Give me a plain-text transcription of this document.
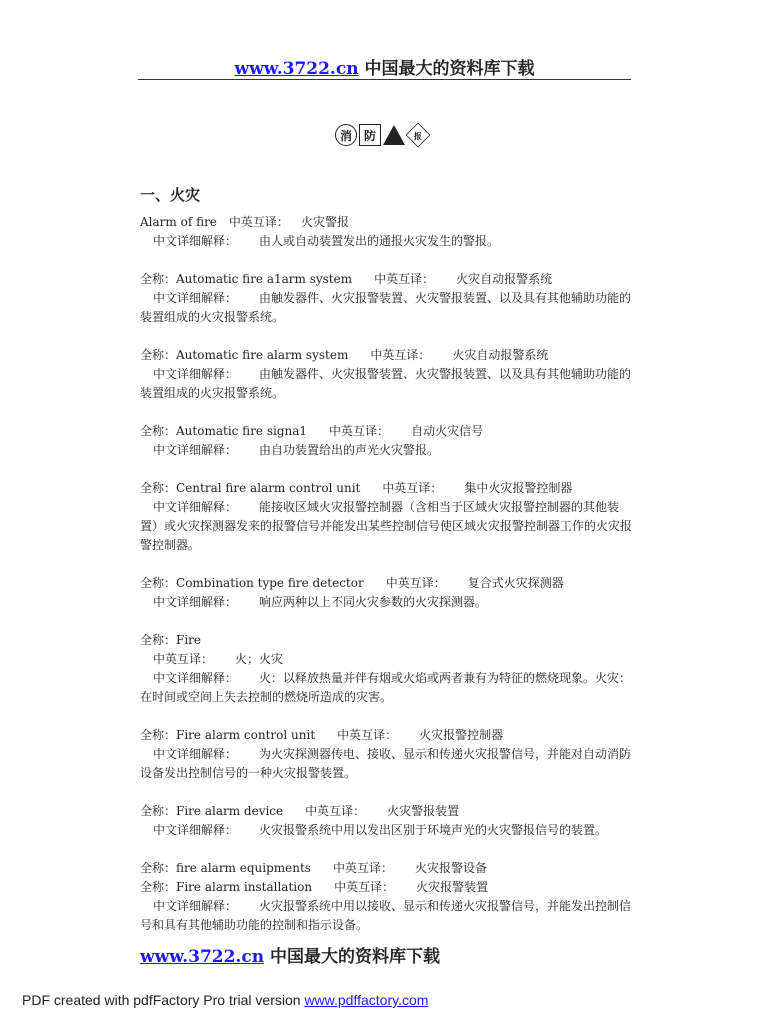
www.3722.cn 中国最大的资料库下载
消 防	报
一、火灾
Alarm of fire 中英互译： 火灾警报
中文详细解释： 由人或自动装置发出的通报火灾发生的警报。
全称：Automatic fire a1arm system 中英互译： 火灾自动报警系统
中文详细解释： 由触发器件、火灾报警装置、火灾警报装置、以及具有其他辅助功能的装置组成的火灾报警系统。
全称：Automatic fire alarm system 中英互译： 火灾自动报警系统
中文详细解释： 由触发器件、火灾报警装置、火灾警报装置、以及具有其他辅助功能的装置组成的火灾报警系统。
全称：Automatic fire signa1 中英互译： 自动火灾信号
中文详细解释： 由自功装置给出的声光火灾警报。
全称：Central fire alarm control unit 中英互译： 集中火灾报警控制器
中文详细解释： 能接收区域火灾报警控制器（含相当于区域火灾报警控制器的其他装置）或火灾探测器发来的报警信号并能发出某些控制信号使区域火灾报警控制器工作的火灾报警控制器。
全称：Combination type fire detector 中英互译： 复合式火灾探测器
中文详细解释： 响应两种以上不同火灾参数的火灾探测器。
全称：Fire
中英互译： 火；火灾
中文详细解释： 火：以释放热量并伴有烟或火焰或两者兼有为特征的燃烧现象。火灾：在时间或空间上失去控制的燃烧所造成的灾害。
全称：Fire alarm control unit 中英互译： 火灾报警控制器
中文详细解释： 为火灾探测器传电、接收、显示和传递火灾报警信号，并能对自动消防设备发出控制信号的一种火灾报警装置。
全称：Fire alarm device 中英互译： 火灾警报装置
中文详细解释： 火灾报警系统中用以发出区别于环境声光的火灾警报信号的装置。
全称：fire alarm equipments 中英互译： 火灾报警设备
全称：Fire alarm installation 中英互译： 火灾报警装置
中文详细解释： 火灾报警系统中用以接收、显示和传递火灾报警信号，并能发出控制信号和具有其他辅助功能的控制和指示设备。
www.3722.cn 中国最大的资料库下载
PDF created with pdfFactory Pro trial version www.pdffactory.com
